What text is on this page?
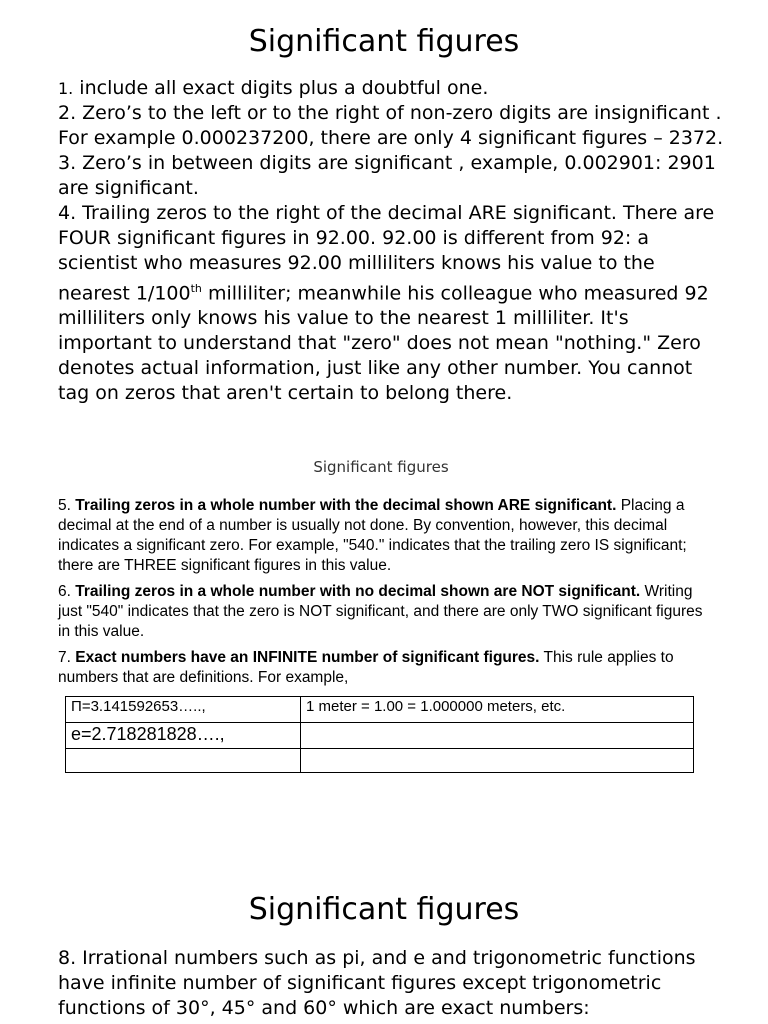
Significant figures

1. include all exact digits plus a doubtful one.

2. Zero’s to the left or to the right of non-zero digits are insignificant . For example 0.000237200, there are only 4 significant figures – 2372.

3. Zero’s in between digits are significant , example, 0.002901: 2901 are significant.

4. Trailing zeros to the right of the decimal ARE significant. There are FOUR significant figures in 92.00. 92.00 is different from 92: a scientist who measures 92.00 milliliters knows his value to the nearest 1/100th milliliter; meanwhile his colleague who measured 92 milliliters only knows his value to the nearest 1 milliliter. It's important to understand that "zero" does not mean "nothing." Zero denotes actual information, just like any other number. You cannot tag on zeros that aren't certain to belong there.

Significant figures

5. Trailing zeros in a whole number with the decimal shown ARE significant. Placing a decimal at the end of a number is usually not done. By convention, however, this decimal indicates a significant zero. For example, "540." indicates that the trailing zero IS significant; there are THREE significant figures in this value.

6. Trailing zeros in a whole number with no decimal shown are NOT significant. Writing just "540" indicates that the zero is NOT significant, and there are only TWO significant figures in this value.

7. Exact numbers have an INFINITE number of significant figures. This rule applies to numbers that are definitions. For example,

Π=3.141592653…..,	1 meter = 1.00 = 1.000000 meters, etc.
e=2.718281828….,	

Significant figures

8. Irrational numbers such as pi, and e and trigonometric functions have infinite number of significant figures except trigonometric functions of 30°, 45° and 60° which are exact numbers:
